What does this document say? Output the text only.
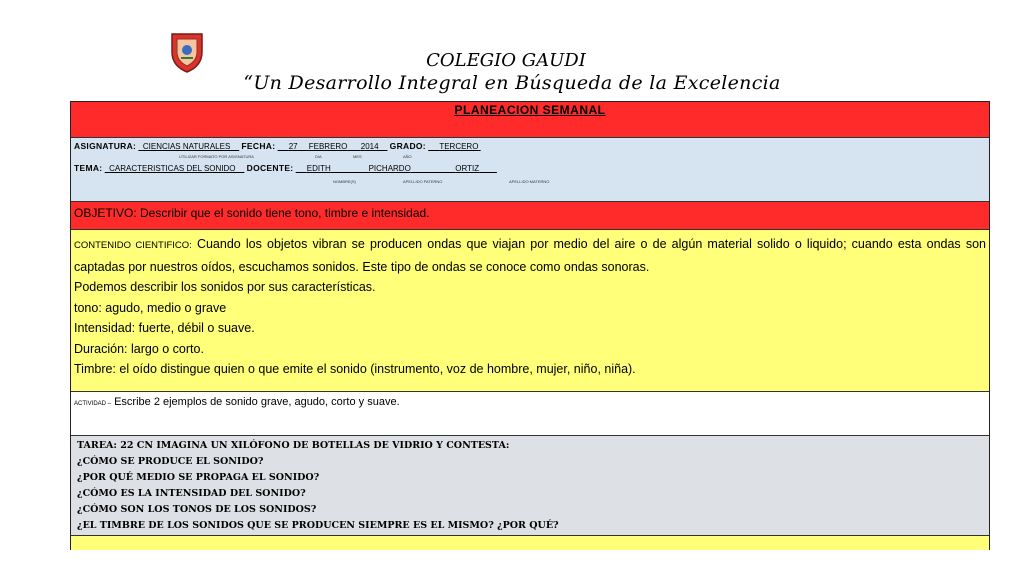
COLEGIO GAUDI
“Un Desarrollo Integral en Búsqueda de la Excelencia
PLANEACION SEMANAL
ASIGNATURA: CIENCIAS NATURALES FECHA: 27 FEBRERO 2014 GRADO: TERCERO
UTILIZAR FORMATO POR ASIGNATURA	DIA	MES	AÑO
TEMA: CARACTERISTICAS DEL SONIDO DOCENTE: EDITH	PICHARDO	ORTIZ
NOMBRE(S)	APELLIDO PATERNO	APELLIDO MATERNO
OBJETIVO: Describir que el sonido tiene tono, timbre e intensidad.
CONTENIDO CIENTIFICO: Cuando los objetos vibran se producen ondas que viajan por medio del aire o de algún material solido o liquido; cuando esta ondas son captadas por nuestros oídos, escuchamos sonidos. Este tipo de ondas se conoce como ondas sonoras.
Podemos describir los sonidos por sus características.
tono: agudo, medio o grave
Intensidad: fuerte, débil o suave.
Duración: largo o corto.
Timbre: el oído distingue quien o que emite el sonido (instrumento, voz de hombre, mujer, niño, niña).
ACTIVIDAD – Escribe 2 ejemplos de sonido grave, agudo, corto y suave.
TAREA: 22 CN IMAGINA UN XILÓFONO DE BOTELLAS DE VIDRIO Y CONTESTA:
¿CÓMO SE PRODUCE EL SONIDO?
¿POR QUÉ MEDIO SE PROPAGA EL SONIDO?
¿CÓMO ES LA INTENSIDAD DEL SONIDO?
¿CÓMO SON LOS TONOS DE LOS SONIDOS?
¿EL TIMBRE DE LOS SONIDOS QUE SE PRODUCEN SIEMPRE ES EL MISMO? ¿POR QUÉ?
